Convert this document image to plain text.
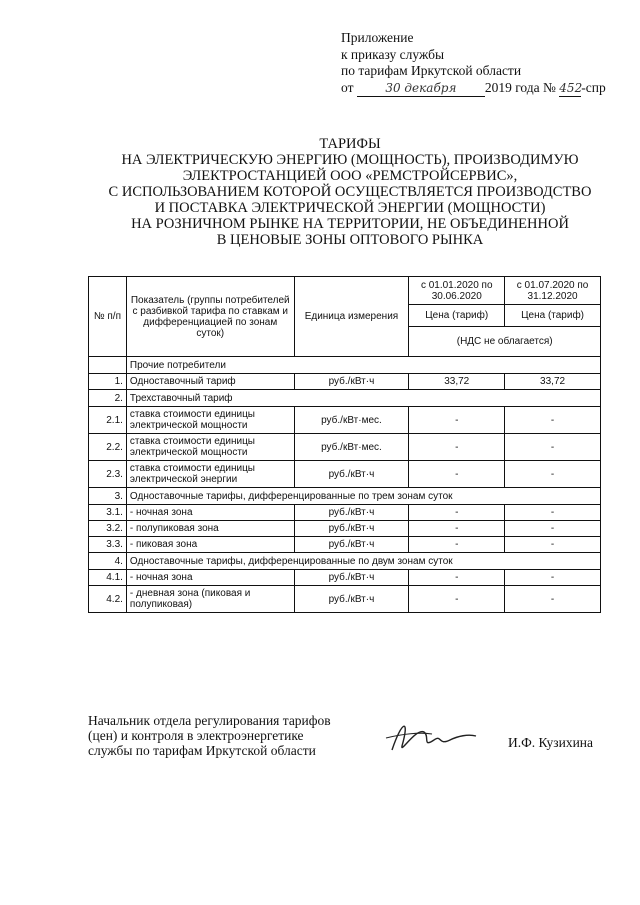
Приложение
к приказу службы
по тарифам Иркутской области
от	30 декабря 2019 года № 452-спр
ТАРИФЫ
НА ЭЛЕКТРИЧЕСКУЮ ЭНЕРГИЮ (МОЩНОСТЬ), ПРОИЗВОДИМУЮ
ЭЛЕКТРОСТАНЦИЕЙ ООО «РЕМСТРОЙСЕРВИС»,
С ИСПОЛЬЗОВАНИЕМ КОТОРОЙ ОСУЩЕСТВЛЯЕТСЯ ПРОИЗВОДСТВО
И ПОСТАВКА ЭЛЕКТРИЧЕСКОЙ ЭНЕРГИИ (МОЩНОСТИ)
НА РОЗНИЧНОМ РЫНКЕ НА ТЕРРИТОРИИ, НЕ ОБЪЕДИНЕННОЙ
В ЦЕНОВЫЕ ЗОНЫ ОПТОВОГО РЫНКА
№ п/п	Показатель (группы потребителей с разбивкой тарифа по ставкам и дифференциацией по зонам суток)	Единица измерения	с 01.01.2020 по 30.06.2020	с 01.07.2020 по 31.12.2020
			Цена (тариф)	Цена (тариф)
			(НДС не облагается)	
	Прочие потребители			
1.	Одноставочный тариф	руб./кВт·ч	33,72	33,72
2.	Трехставочный тариф			
2.1.	ставка стоимости единицы электрической мощности	руб./кВт·мес.	-	-
2.2.	ставка стоимости единицы электрической мощности	руб./кВт·мес.	-	-
2.3.	ставка стоимости единицы электрической энергии	руб./кВт·ч	-	-
3.	Одноставочные тарифы, дифференцированные по трем зонам суток			
3.1.	- ночная зона	руб./кВт·ч	-	-
3.2.	- полупиковая зона	руб./кВт·ч	-	-
3.3.	- пиковая зона	руб./кВт·ч	-	-
4.	Одноставочные тарифы, дифференцированные по двум зонам суток			
4.1.	- ночная зона	руб./кВт·ч	-	-
4.2.	- дневная зона (пиковая и полупиковая)	руб./кВт·ч	-	-
Начальник отдела регулирования тарифов
(цен) и контроля в электроэнергетике
службы по тарифам Иркутской области
И.Ф. Кузихина
